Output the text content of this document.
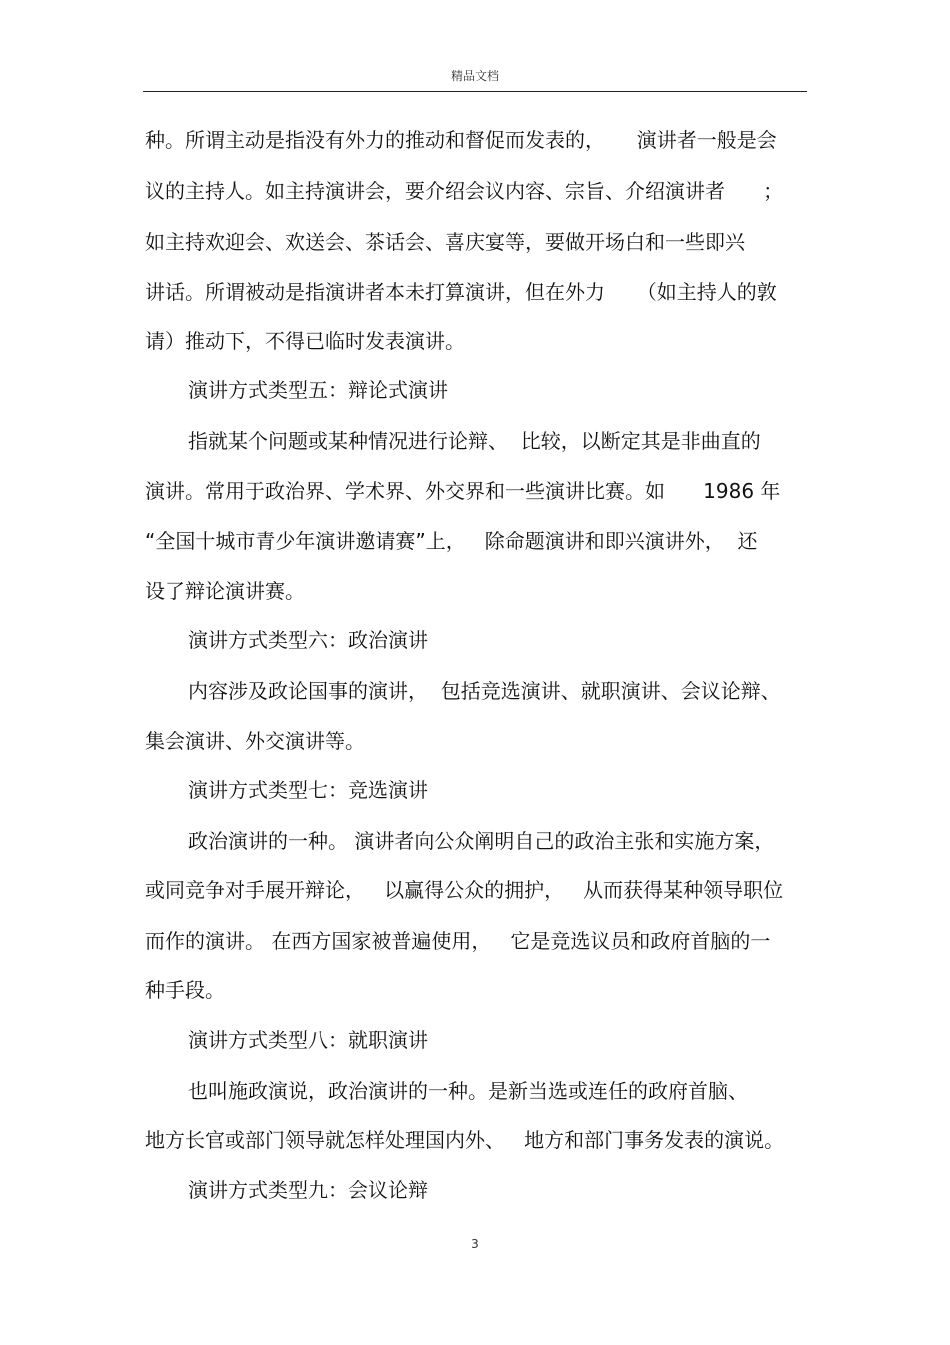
精品文档
种。所谓主动是指没有外力的推动和督促而发表的，     演讲者一般是会
议的主持人。如主持演讲会，要介绍会议内容、宗旨、介绍演讲者      ；
如主持欢迎会、欢送会、茶话会、喜庆宴等，要做开场白和一些即兴
讲话。所谓被动是指演讲者本未打算演讲，但在外力     （如主持人的敦
请）推动下，不得已临时发表演讲。
演讲方式类型五：辩论式演讲
指就某个问题或某种情况进行论辩、  比较，以断定其是非曲直的
演讲。常用于政治界、学术界、外交界和一些演讲比赛。如      1986 年
“全国十城市青少年演讲邀请赛”上，   除命题演讲和即兴演讲外，  还
设了辩论演讲赛。
演讲方式类型六：政治演讲
内容涉及政论国事的演讲，  包括竞选演讲、就职演讲、会议论辩、
集会演讲、外交演讲等。
演讲方式类型七：竞选演讲
政治演讲的一种。 演讲者向公众阐明自己的政治主张和实施方案，
或同竞争对手展开辩论，   以赢得公众的拥护，   从而获得某种领导职位
而作的演讲。 在西方国家被普遍使用，   它是竞选议员和政府首脑的一
种手段。
演讲方式类型八：就职演讲
也叫施政演说，政治演讲的一种。是新当选或连任的政府首脑、
地方长官或部门领导就怎样处理国内外、   地方和部门事务发表的演说。
演讲方式类型九：会议论辩
3
